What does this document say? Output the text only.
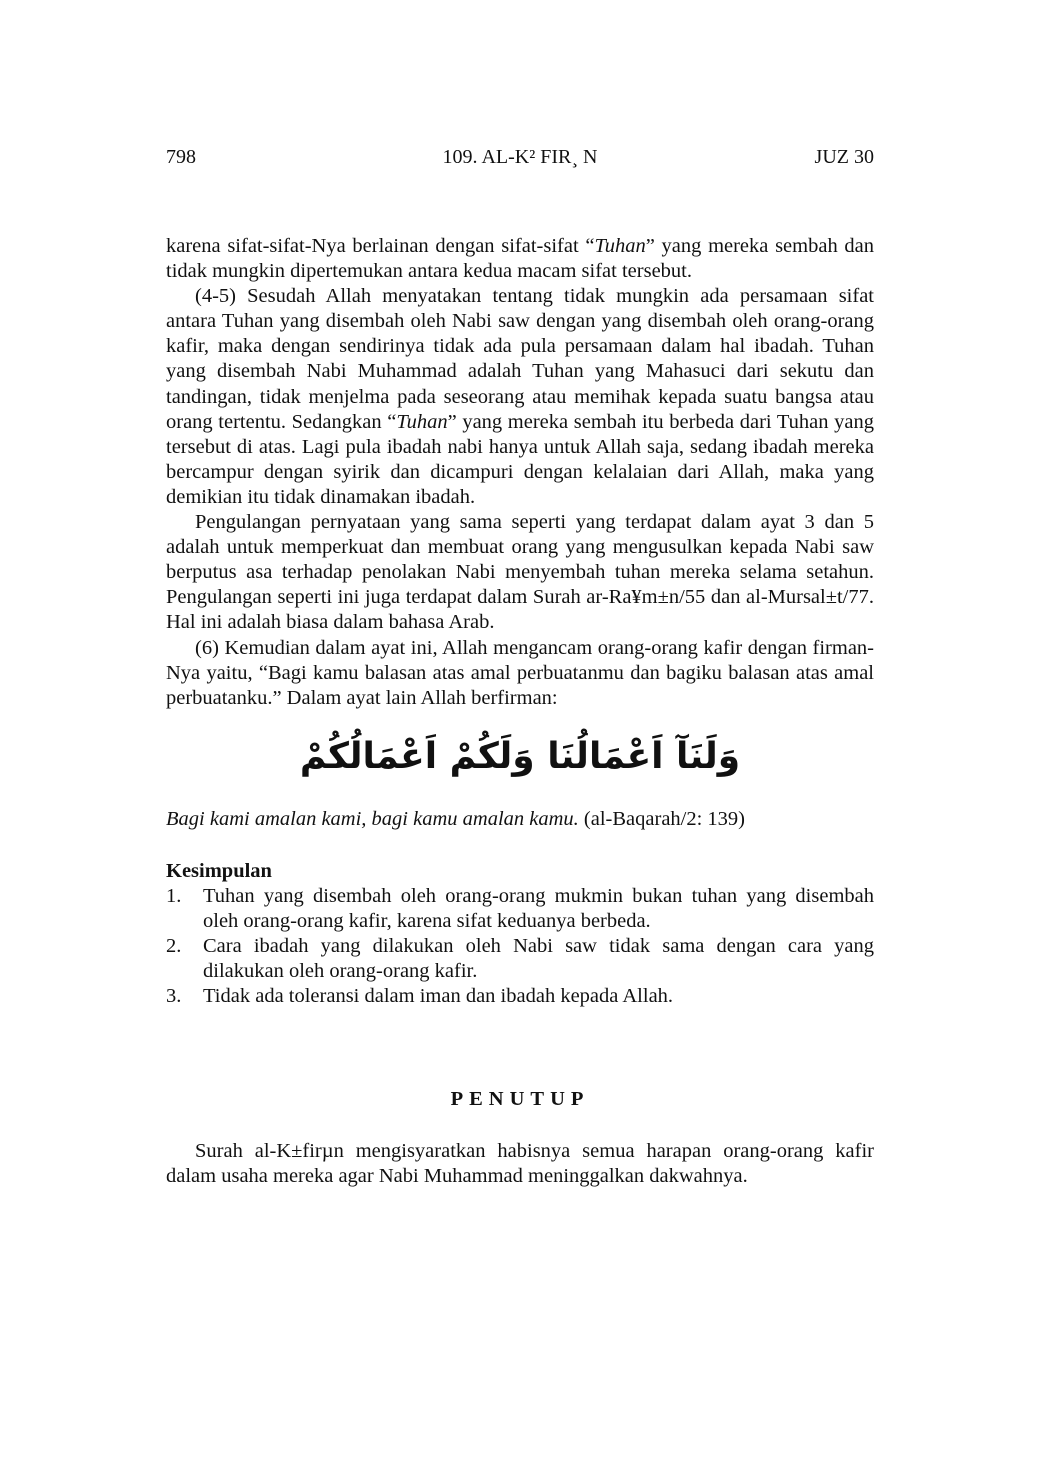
798	109. AL-K² FIR¸ N	JUZ 30

karena sifat-sifat-Nya berlainan dengan sifat-sifat “Tuhan” yang mereka sembah dan tidak mungkin dipertemukan antara kedua macam sifat tersebut.

(4-5) Sesudah Allah menyatakan tentang tidak mungkin ada persamaan sifat antara Tuhan yang disembah oleh Nabi saw dengan yang disembah oleh orang-orang kafir, maka dengan sendirinya tidak ada pula persamaan dalam hal ibadah. Tuhan yang disembah Nabi Muhammad adalah Tuhan yang Mahasuci dari sekutu dan tandingan, tidak menjelma pada seseorang atau memihak kepada suatu bangsa atau orang tertentu. Sedangkan “Tuhan” yang mereka sembah itu berbeda dari Tuhan yang tersebut di atas. Lagi pula ibadah nabi hanya untuk Allah saja, sedang ibadah mereka bercampur dengan syirik dan dicampuri dengan kelalaian dari Allah, maka yang demikian itu tidak dinamakan ibadah.

Pengulangan pernyataan yang sama seperti yang terdapat dalam ayat 3 dan 5 adalah untuk memperkuat dan membuat orang yang mengusulkan kepada Nabi saw berputus asa terhadap penolakan Nabi menyembah tuhan mereka selama setahun. Pengulangan seperti ini juga terdapat dalam Surah ar-Ra¥m±n/55 dan al-Mursal±t/77. Hal ini adalah biasa dalam bahasa Arab.

(6) Kemudian dalam ayat ini, Allah mengancam orang-orang kafir dengan firman-Nya yaitu, “Bagi kamu balasan atas amal perbuatanmu dan bagiku balasan atas amal perbuatanku.” Dalam ayat lain Allah berfirman:

وَلَنَآ اَعْمَالُنَا وَلَكُمْ اَعْمَالُكُمْ

Bagi kami amalan kami, bagi kamu amalan kamu. (al-Baqarah/2: 139)

Kesimpulan
1. Tuhan yang disembah oleh orang-orang mukmin bukan tuhan yang disembah oleh orang-orang kafir, karena sifat keduanya berbeda.
2. Cara ibadah yang dilakukan oleh Nabi saw tidak sama dengan cara yang dilakukan oleh orang-orang kafir.
3. Tidak ada toleransi dalam iman dan ibadah kepada Allah.
PENUTUP

Surah al-K±firµn mengisyaratkan habisnya semua harapan orang-orang kafir dalam usaha mereka agar Nabi Muhammad meninggalkan dakwahnya.
